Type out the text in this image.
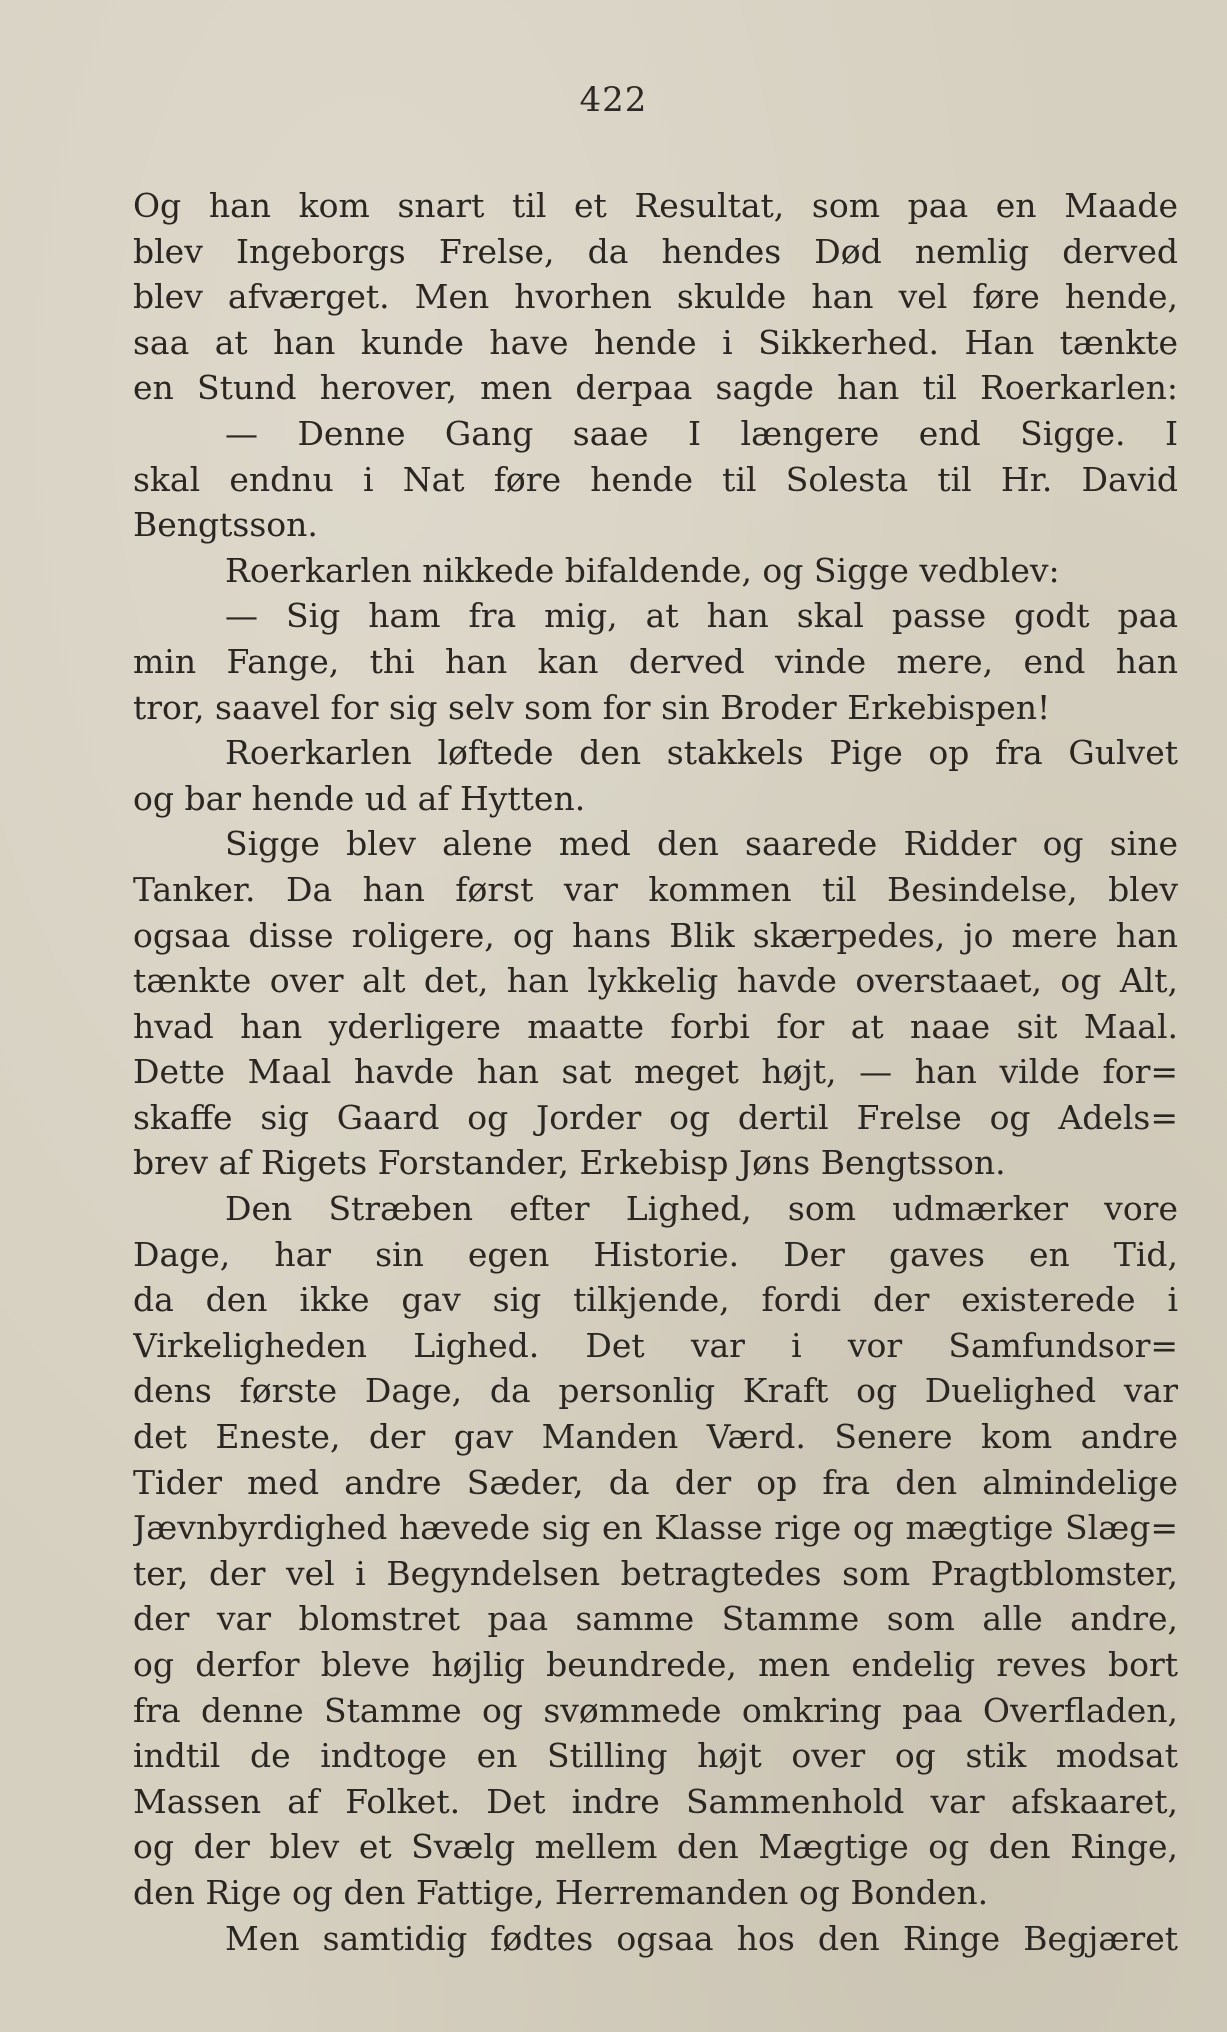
422
Og han kom snart til et Resultat, som paa en Maade
blev Ingeborgs Frelse, da hendes Død nemlig derved
blev afværget. Men hvorhen skulde han vel føre hende,
saa at han kunde have hende i Sikkerhed. Han tænkte
en Stund herover, men derpaa sagde han til Roerkarlen:
— Denne Gang saae I længere end Sigge. I
skal endnu i Nat føre hende til Solesta til Hr. David
Bengtsson.
Roerkarlen nikkede bifaldende, og Sigge vedblev:
— Sig ham fra mig, at han skal passe godt paa
min Fange, thi han kan derved vinde mere, end han
tror, saavel for sig selv som for sin Broder Erkebispen!
Roerkarlen løftede den stakkels Pige op fra Gulvet
og bar hende ud af Hytten.
Sigge blev alene med den saarede Ridder og sine
Tanker. Da han først var kommen til Besindelse, blev
ogsaa disse roligere, og hans Blik skærpedes, jo mere han
tænkte over alt det, han lykkelig havde overstaaet, og Alt,
hvad han yderligere maatte forbi for at naae sit Maal.
Dette Maal havde han sat meget højt, — han vilde for=
skaffe sig Gaard og Jorder og dertil Frelse og Adels=
brev af Rigets Forstander, Erkebisp Jøns Bengtsson.
Den Stræben efter Lighed, som udmærker vore
Dage, har sin egen Historie. Der gaves en Tid,
da den ikke gav sig tilkjende, fordi der existerede i
Virkeligheden Lighed. Det var i vor Samfundsor=
dens første Dage, da personlig Kraft og Duelighed var
det Eneste, der gav Manden Værd. Senere kom andre
Tider med andre Sæder, da der op fra den almindelige
Jævnbyrdighed hævede sig en Klasse rige og mægtige Slæg=
ter, der vel i Begyndelsen betragtedes som Pragtblomster,
der var blomstret paa samme Stamme som alle andre,
og derfor bleve højlig beundrede, men endelig reves bort
fra denne Stamme og svømmede omkring paa Overfladen,
indtil de indtoge en Stilling højt over og stik modsat
Massen af Folket. Det indre Sammenhold var afskaaret,
og der blev et Svælg mellem den Mægtige og den Ringe,
den Rige og den Fattige, Herremanden og Bonden.
Men samtidig fødtes ogsaa hos den Ringe Begjæret
